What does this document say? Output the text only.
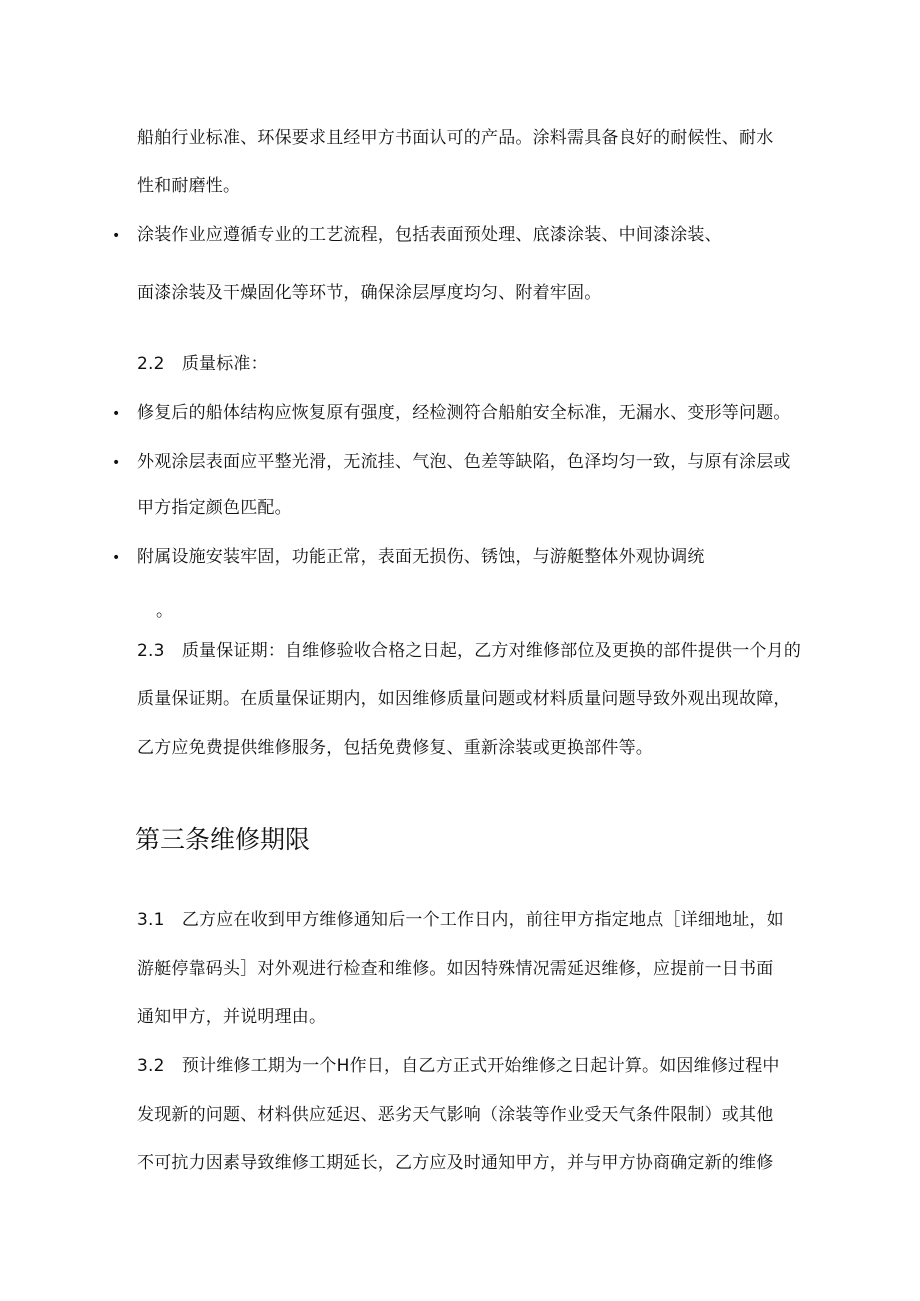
船舶行业标准、环保要求且经甲方书面认可的产品。涂料需具备良好的耐候性、耐水
性和耐磨性。
• 涂装作业应遵循专业的工艺流程，包括表面预处理、底漆涂装、中间漆涂装、
面漆涂装及干燥固化等环节，确保涂层厚度均匀、附着牢固。
2.2　质量标准：
• 修复后的船体结构应恢复原有强度，经检测符合船舶安全标准，无漏水、变形等问题。
• 外观涂层表面应平整光滑，无流挂、气泡、色差等缺陷，色泽均匀一致，与原有涂层或
甲方指定颜色匹配。
• 附属设施安装牢固，功能正常，表面无损伤、锈蚀，与游艇整体外观协调统
。
2.3　质量保证期：自维修验收合格之日起，乙方对维修部位及更换的部件提供一个月的
质量保证期。在质量保证期内，如因维修质量问题或材料质量问题导致外观出现故障，
乙方应免费提供维修服务，包括免费修复、重新涂装或更换部件等。
第三条维修期限
3.1　乙方应在收到甲方维修通知后一个工作日内，前往甲方指定地点［详细地址，如
游艇停靠码头］对外观进行检查和维修。如因特殊情况需延迟维修，应提前一日书面
通知甲方，并说明理由。
3.2　预计维修工期为一个H作日，自乙方正式开始维修之日起计算。如因维修过程中
发现新的问题、材料供应延迟、恶劣天气影响（涂装等作业受天气条件限制）或其他
不可抗力因素导致维修工期延长，乙方应及时通知甲方，并与甲方协商确定新的维修
